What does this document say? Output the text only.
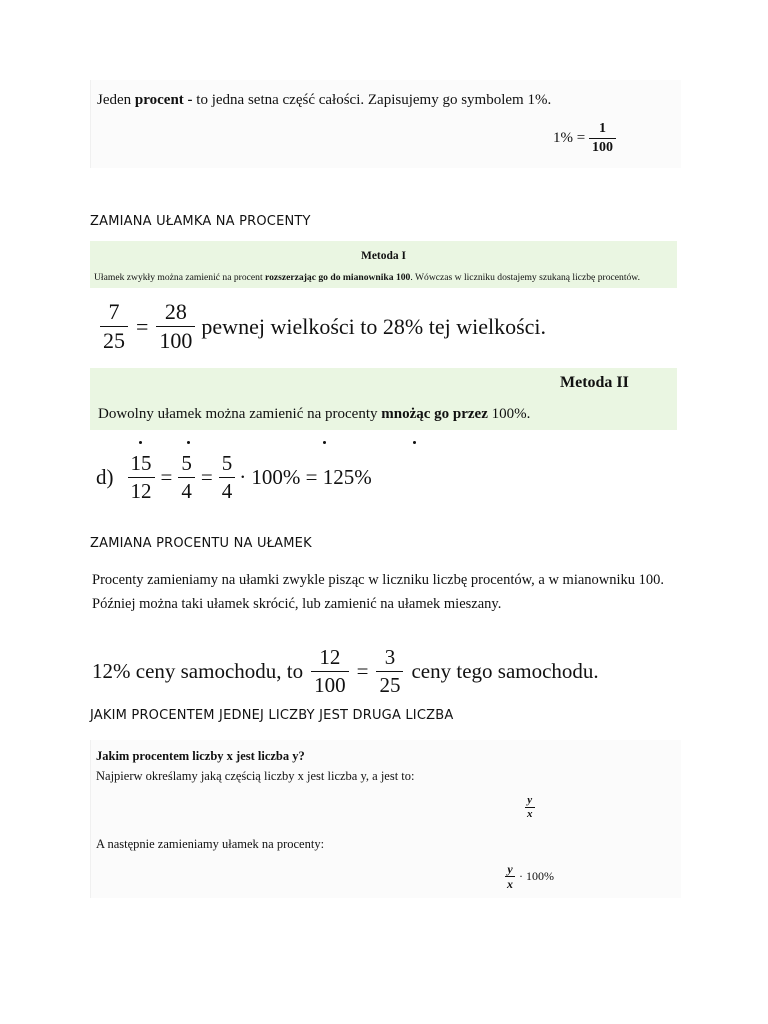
Jeden procent - to jedna setna część całości. Zapisujemy go symbolem 1%.
1% =
$\frac{1}{100}$
ZAMIANA UŁAMKA NA PROCENTY
Metoda I
Ułamek zwykły można zamienić na procent rozszerzając go do mianownika 100. Wówczas w liczniku dostajemy szukaną liczbę procentów.
$\frac{7}{25} = \frac{28}{100}$ pewnej wielkości to 28% tej wielkości.
Metoda II
Dowolny ułamek można zamienić na procenty mnożąc go przez 100%.
$d) \frac{15}{12} = \frac{5}{4} = \frac{5}{4} \cdot 100\% = 125\%$
ZAMIANA PROCENTU NA UŁAMEK
Procenty zamieniamy na ułamki zwykle pisząc w liczniku liczbę procentów, a w mianowniku 100.
Później można taki ułamek skrócić, lub zamienić na ułamek mieszany.
12% ceny samochodu, to $\frac{12}{100} = \frac{3}{25}$ ceny tego samochodu.
JAKIM PROCENTEM JEDNEJ LICZBY JEST DRUGA LICZBA
Jakim procentem liczby x jest liczba y?
Najpierw określamy jaką częścią liczby x jest liczba y, a jest to:
$\frac{y}{x}$
A następnie zamieniamy ułamek na procenty:
$\frac{y}{x} \cdot 100\%$
